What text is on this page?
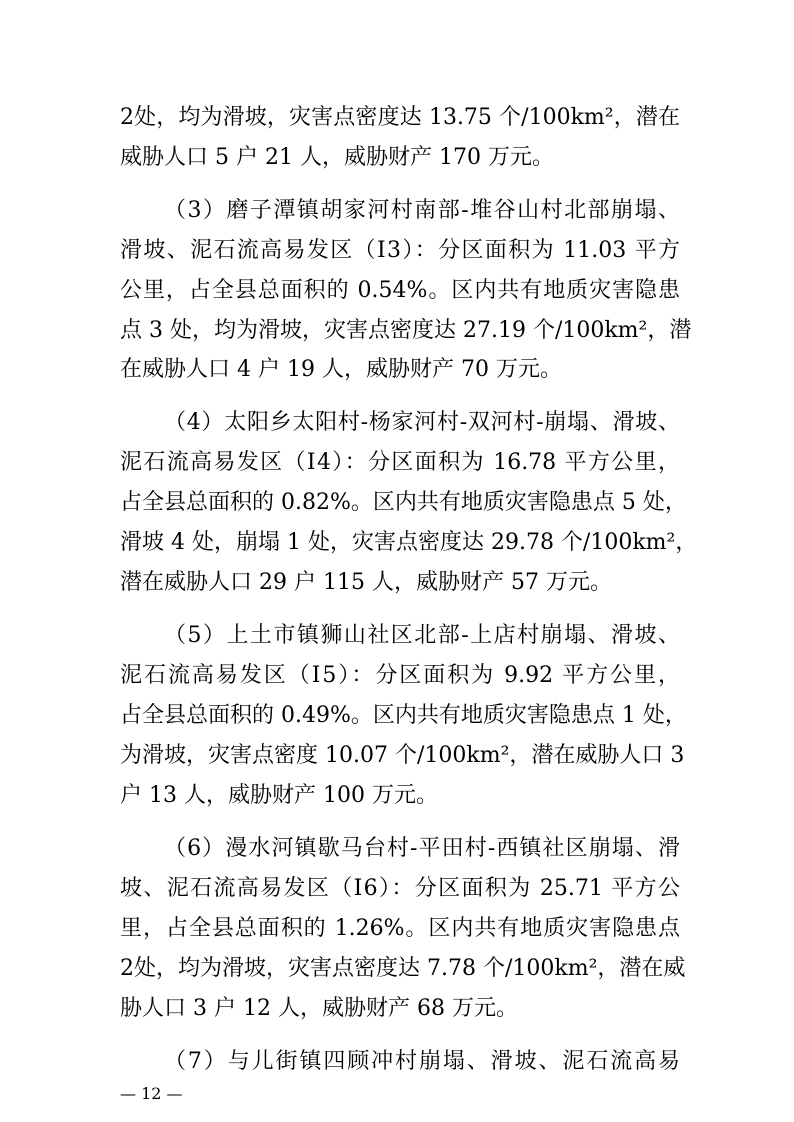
2处，均为滑坡，灾害点密度达 13.75 个/100km²，潜在
威胁人口 5 户 21 人，威胁财产 170 万元。
（3）磨子潭镇胡家河村南部-堆谷山村北部崩塌、
滑坡、泥石流高易发区（Ⅰ3）：分区面积为 11.03 平方
公里，占全县总面积的 0.54%。区内共有地质灾害隐患
点 3 处，均为滑坡，灾害点密度达 27.19 个/100km²，潜
在威胁人口 4 户 19 人，威胁财产 70 万元。
（4）太阳乡太阳村-杨家河村-双河村-崩塌、滑坡、
泥石流高易发区（Ⅰ4）：分区面积为 16.78 平方公里，
占全县总面积的 0.82%。区内共有地质灾害隐患点 5 处，
滑坡 4 处，崩塌 1 处，灾害点密度达 29.78 个/100km²，
潜在威胁人口 29 户 115 人，威胁财产 57 万元。
（5）上土市镇狮山社区北部-上店村崩塌、滑坡、
泥石流高易发区（Ⅰ5）：分区面积为 9.92 平方公里，
占全县总面积的 0.49%。区内共有地质灾害隐患点 1 处，
为滑坡，灾害点密度 10.07 个/100km²，潜在威胁人口 3
户 13 人，威胁财产 100 万元。
（6）漫水河镇歇马台村-平田村-西镇社区崩塌、滑
坡、泥石流高易发区（Ⅰ6）：分区面积为 25.71 平方公
里，占全县总面积的 1.26%。区内共有地质灾害隐患点
2处，均为滑坡，灾害点密度达 7.78 个/100km²，潜在威
胁人口 3 户 12 人，威胁财产 68 万元。
（7）与儿街镇四顾冲村崩塌、滑坡、泥石流高易
— 12 —
